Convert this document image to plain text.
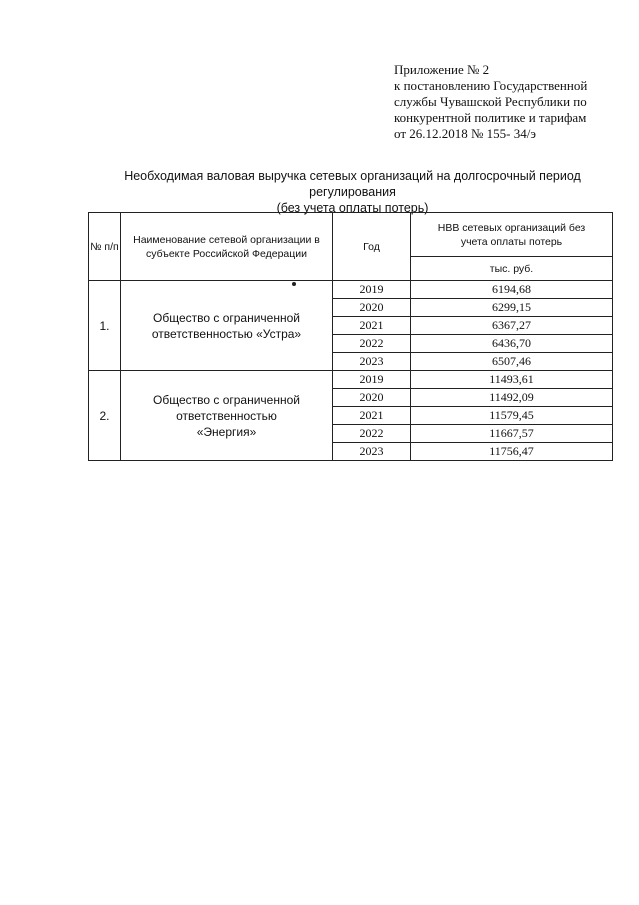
Приложение № 2
к постановлению Государственной
службы Чувашской Республики по
конкурентной политике и тарифам
от 26.12.2018 № 155- 34/э
Необходимая валовая выручка сетевых организаций на долгосрочный период регулирования
(без учета оплаты потерь)
№ п/п	Наименование сетевой организации в субъекте Российской Федерации	Год	НВВ сетевых организаций без учета оплаты потерь
			тыс. руб.
1.	Общество с ограниченной ответственностью «Устра»	2019	6194,68
		2020	6299,15
		2021	6367,27
		2022	6436,70
		2023	6507,46
2.	Общество с ограниченной ответственностью «Энергия»	2019	11493,61
		2020	11492,09
		2021	11579,45
		2022	11667,57
		2023	11756,47
